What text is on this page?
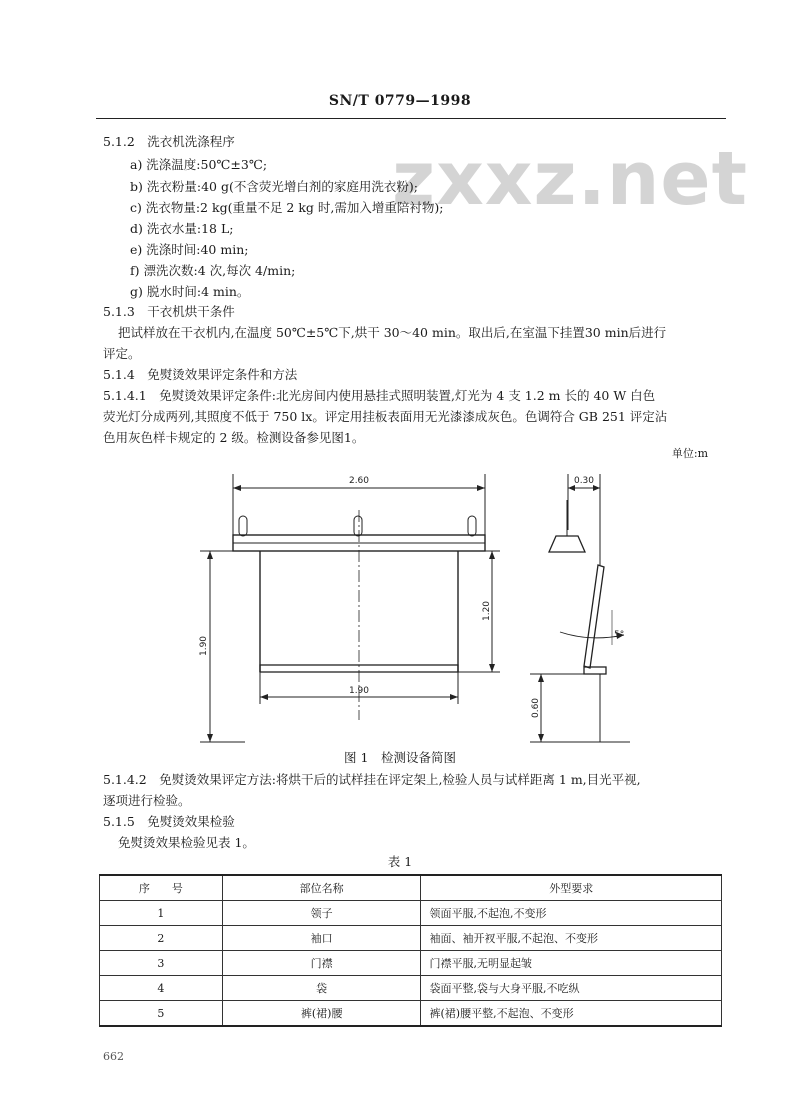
SN/T 0779—1998
zxxz.net
5.1.2　洗衣机洗涤程序
a) 洗涤温度:50℃±3℃;
b) 洗衣粉量:40 g(不含荧光增白剂的家庭用洗衣粉);
c) 洗衣物量:2 kg(重量不足 2 kg 时,需加入增重陪衬物);
d) 洗衣水量:18 L;
e) 洗涤时间:40 min;
f) 漂洗次数:4 次,每次 4/min;
g) 脱水时间:4 min。
5.1.3　干衣机烘干条件
把试样放在干衣机内,在温度 50℃±5℃下,烘干 30～40 min。取出后,在室温下挂置30 min后进行
评定。
5.1.4　免熨烫效果评定条件和方法
5.1.4.1　免熨烫效果评定条件:北光房间内使用悬挂式照明装置,灯光为 4 支 1.2 m 长的 40 W 白色
荧光灯分成两列,其照度不低于 750 lx。评定用挂板表面用无光漆漆成灰色。色调符合 GB 251 评定沾
色用灰色样卡规定的 2 级。检测设备参见图1。
单位:m
2.60
1.90
1.90
1.20
0.30
0.60
5°
图 1　检测设备简图
5.1.4.2　免熨烫效果评定方法:将烘干后的试样挂在评定架上,检验人员与试样距离 1 m,目光平视,
逐项进行检验。
5.1.5　免熨烫效果检验
免熨烫效果检验见表 1。
表 1
序　　号	部位名称	外型要求
1	领子	领面平服,不起泡,不变形
2	袖口	袖面、袖开衩平服,不起泡、不变形
3	门襟	门襟平服,无明显起皱
4	袋	袋面平整,袋与大身平服,不吃纵
5	裤(裙)腰	裤(裙)腰平整,不起泡、不变形
662
